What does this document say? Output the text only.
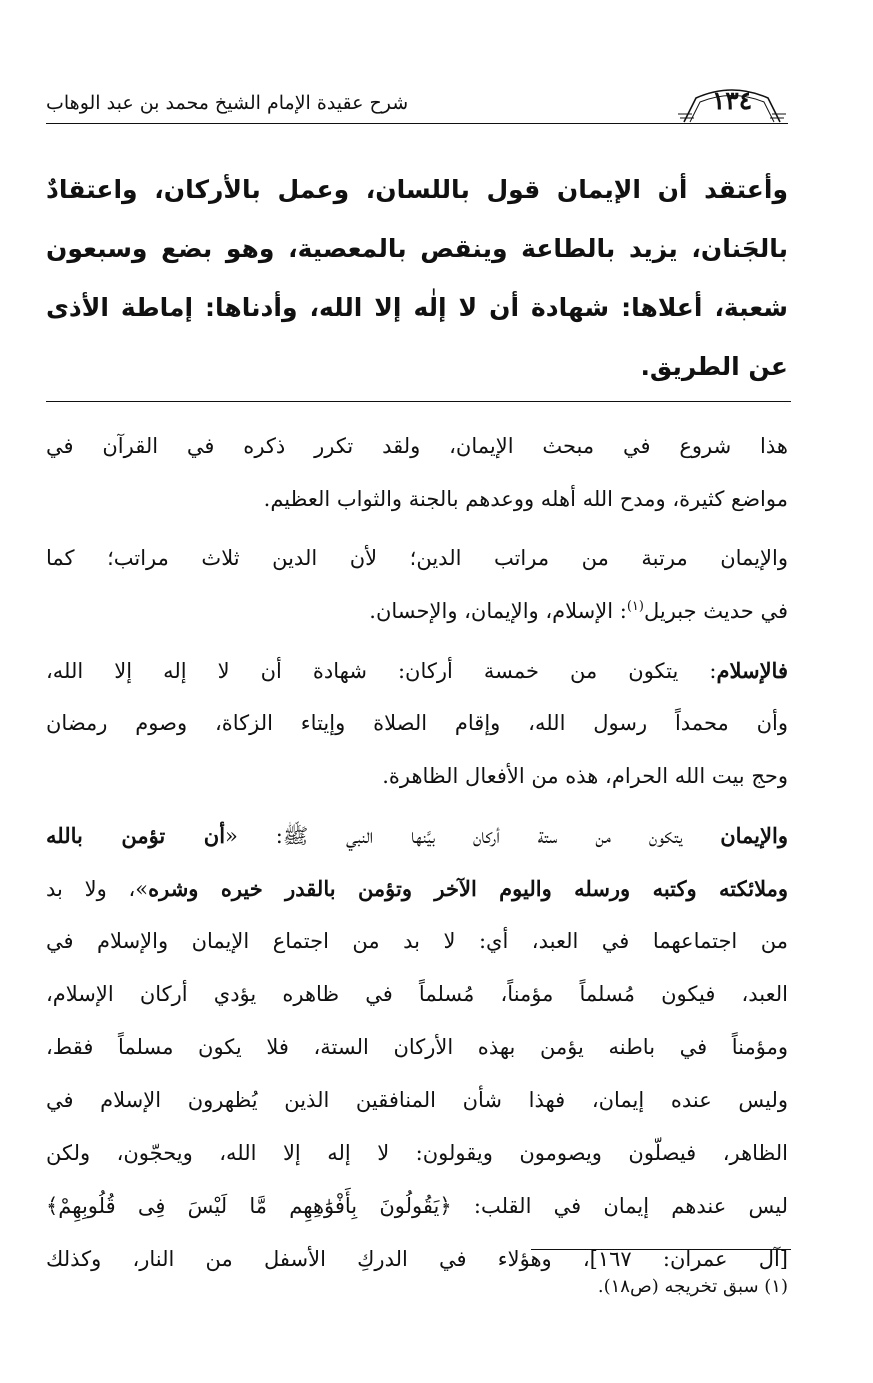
١٣٤
شرح عقيدة الإمام الشيخ محمد بن عبد الوهاب
وأعتقد أن الإيمان قول باللسان، وعمل بالأركان، واعتقادٌ
بالجَنان، يزيد بالطاعة وينقص بالمعصية، وهو بضع وسبعون
شعبة، أعلاها: شهادة أن لا إلٰه إلا الله، وأدناها: إماطة الأذى
عن الطريق.
هذا شروع في مبحث الإيمان، ولقد تكرر ذكره في القرآن في
مواضع كثيرة، ومدح الله أهله ووعدهم بالجنة والثواب العظيم.
والإيمان مرتبة من مراتب الدين؛ لأن الدين ثلاث مراتب؛ كما
في حديث جبريل$^{(١)}$: الإسلام، والإيمان، والإحسان.
فالإسلام: يتكون من خمسة أركان: شهادة أن لا إله إلا الله،
وأن محمداً رسول الله، وإقام الصلاة وإيتاء الزكاة، وصوم رمضان
وحج بيت الله الحرام، هذه من الأفعال الظاهرة.
والإيمان يتكون من ستة أركان بيَّنها النبي ﷺ: «أن تؤمن بالله
وملائكته وكتبه ورسله واليوم الآخر وتؤمن بالقدر خيره وشره»، ولا بد
من اجتماعهما في العبد، أي: لا بد من اجتماع الإيمان والإسلام في
العبد، فيكون مُسلماً مؤمناً، مُسلماً في ظاهره يؤدي أركان الإسلام،
ومؤمناً في باطنه يؤمن بهذه الأركان الستة، فلا يكون مسلماً فقط،
وليس عنده إيمان، فهذا شأن المنافقين الذين يُظهرون الإسلام في
الظاهر، فيصلّون ويصومون ويقولون: لا إله إلا الله، ويحجّون، ولكن
ليس عندهم إيمان في القلب: ﴿يَقُولُونَ بِأَفْوَٰهِهِم مَّا لَيْسَ فِى قُلُوبِهِمْ﴾
[آل عمران: ١٦٧]، وهؤلاء في الدركِ الأسفل من النار، وكذلك
(١) سبق تخريجه (ص١٨).
